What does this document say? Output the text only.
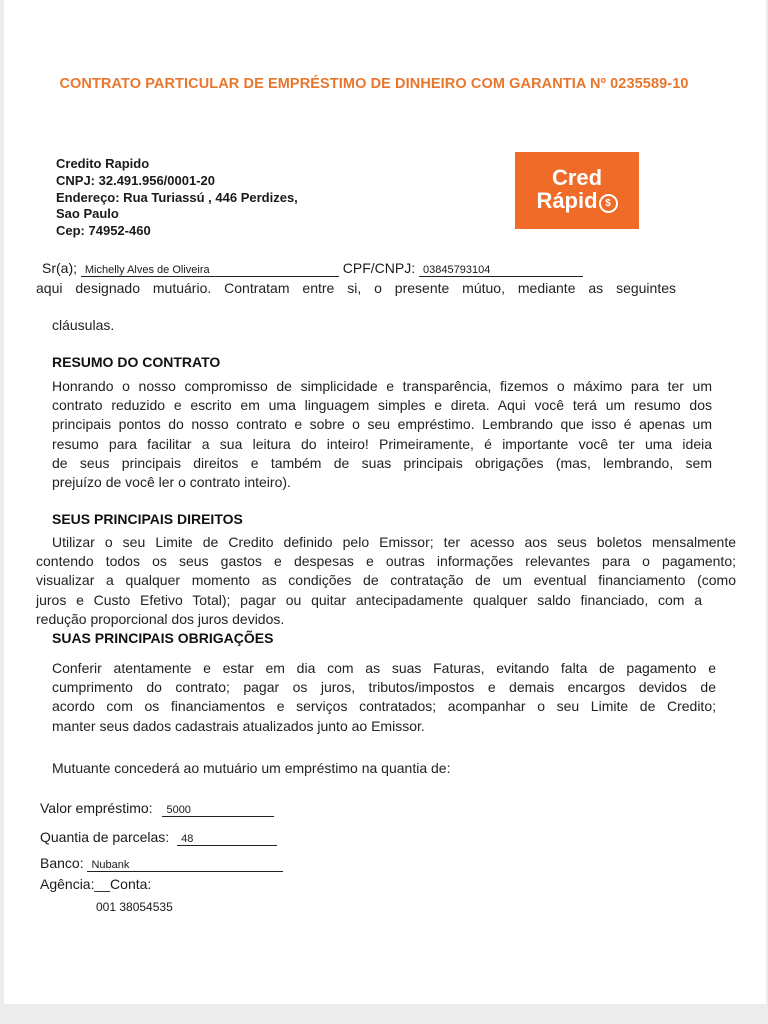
CONTRATO PARTICULAR DE EMPRÉSTIMO DE DINHEIRO COM GARANTIA Nº 0235589-10
Credito Rapido
CNPJ: 32.491.956/0001-20
Endereço: Rua Turiassú , 446 Perdizes,
Sao Paulo
Cep: 74952-460
Cred
Rápid $
Sr(a); Michelly Alves de Oliveira	CPF/CNPJ: 03845793104
aqui designado mutuário. Contratam entre si, o presente mútuo, mediante as seguintes
cláusulas.
RESUMO DO CONTRATO
Honrando o nosso compromisso de simplicidade e transparência, fizemos o máximo para ter um
contrato reduzido e escrito em uma linguagem simples e direta. Aqui você terá um resumo dos
principais pontos do nosso contrato e sobre o seu empréstimo. Lembrando que isso é apenas um
resumo para facilitar a sua leitura do inteiro! Primeiramente, é importante você ter uma ideia
de seus principais direitos e também de suas principais obrigações (mas, lembrando, sem
prejuízo de você ler o contrato inteiro).
SEUS PRINCIPAIS DIREITOS
Utilizar o seu Limite de Credito definido pelo Emissor; ter acesso aos seus boletos mensalmente
contendo todos os seus gastos e despesas e outras informações relevantes para o pagamento;
visualizar a qualquer momento as condições de contratação de um eventual financiamento (como
juros e Custo Efetivo Total); pagar ou quitar antecipadamente qualquer saldo financiado, com a
redução proporcional dos juros devidos.
SUAS PRINCIPAIS OBRIGAÇÕES
Conferir atentamente e estar em dia com as suas Faturas, evitando falta de pagamento e
cumprimento do contrato; pagar os juros, tributos/impostos e demais encargos devidos de
acordo com os financiamentos e serviços contratados; acompanhar o seu Limite de Credito;
manter seus dados cadastrais atualizados junto ao Emissor.
Mutuante concederá ao mutuário um empréstimo na quantia de:
Valor empréstimo: 5000
Quantia de parcelas: 48
Banco: Nubank
Agência:__Conta:
001 38054535
